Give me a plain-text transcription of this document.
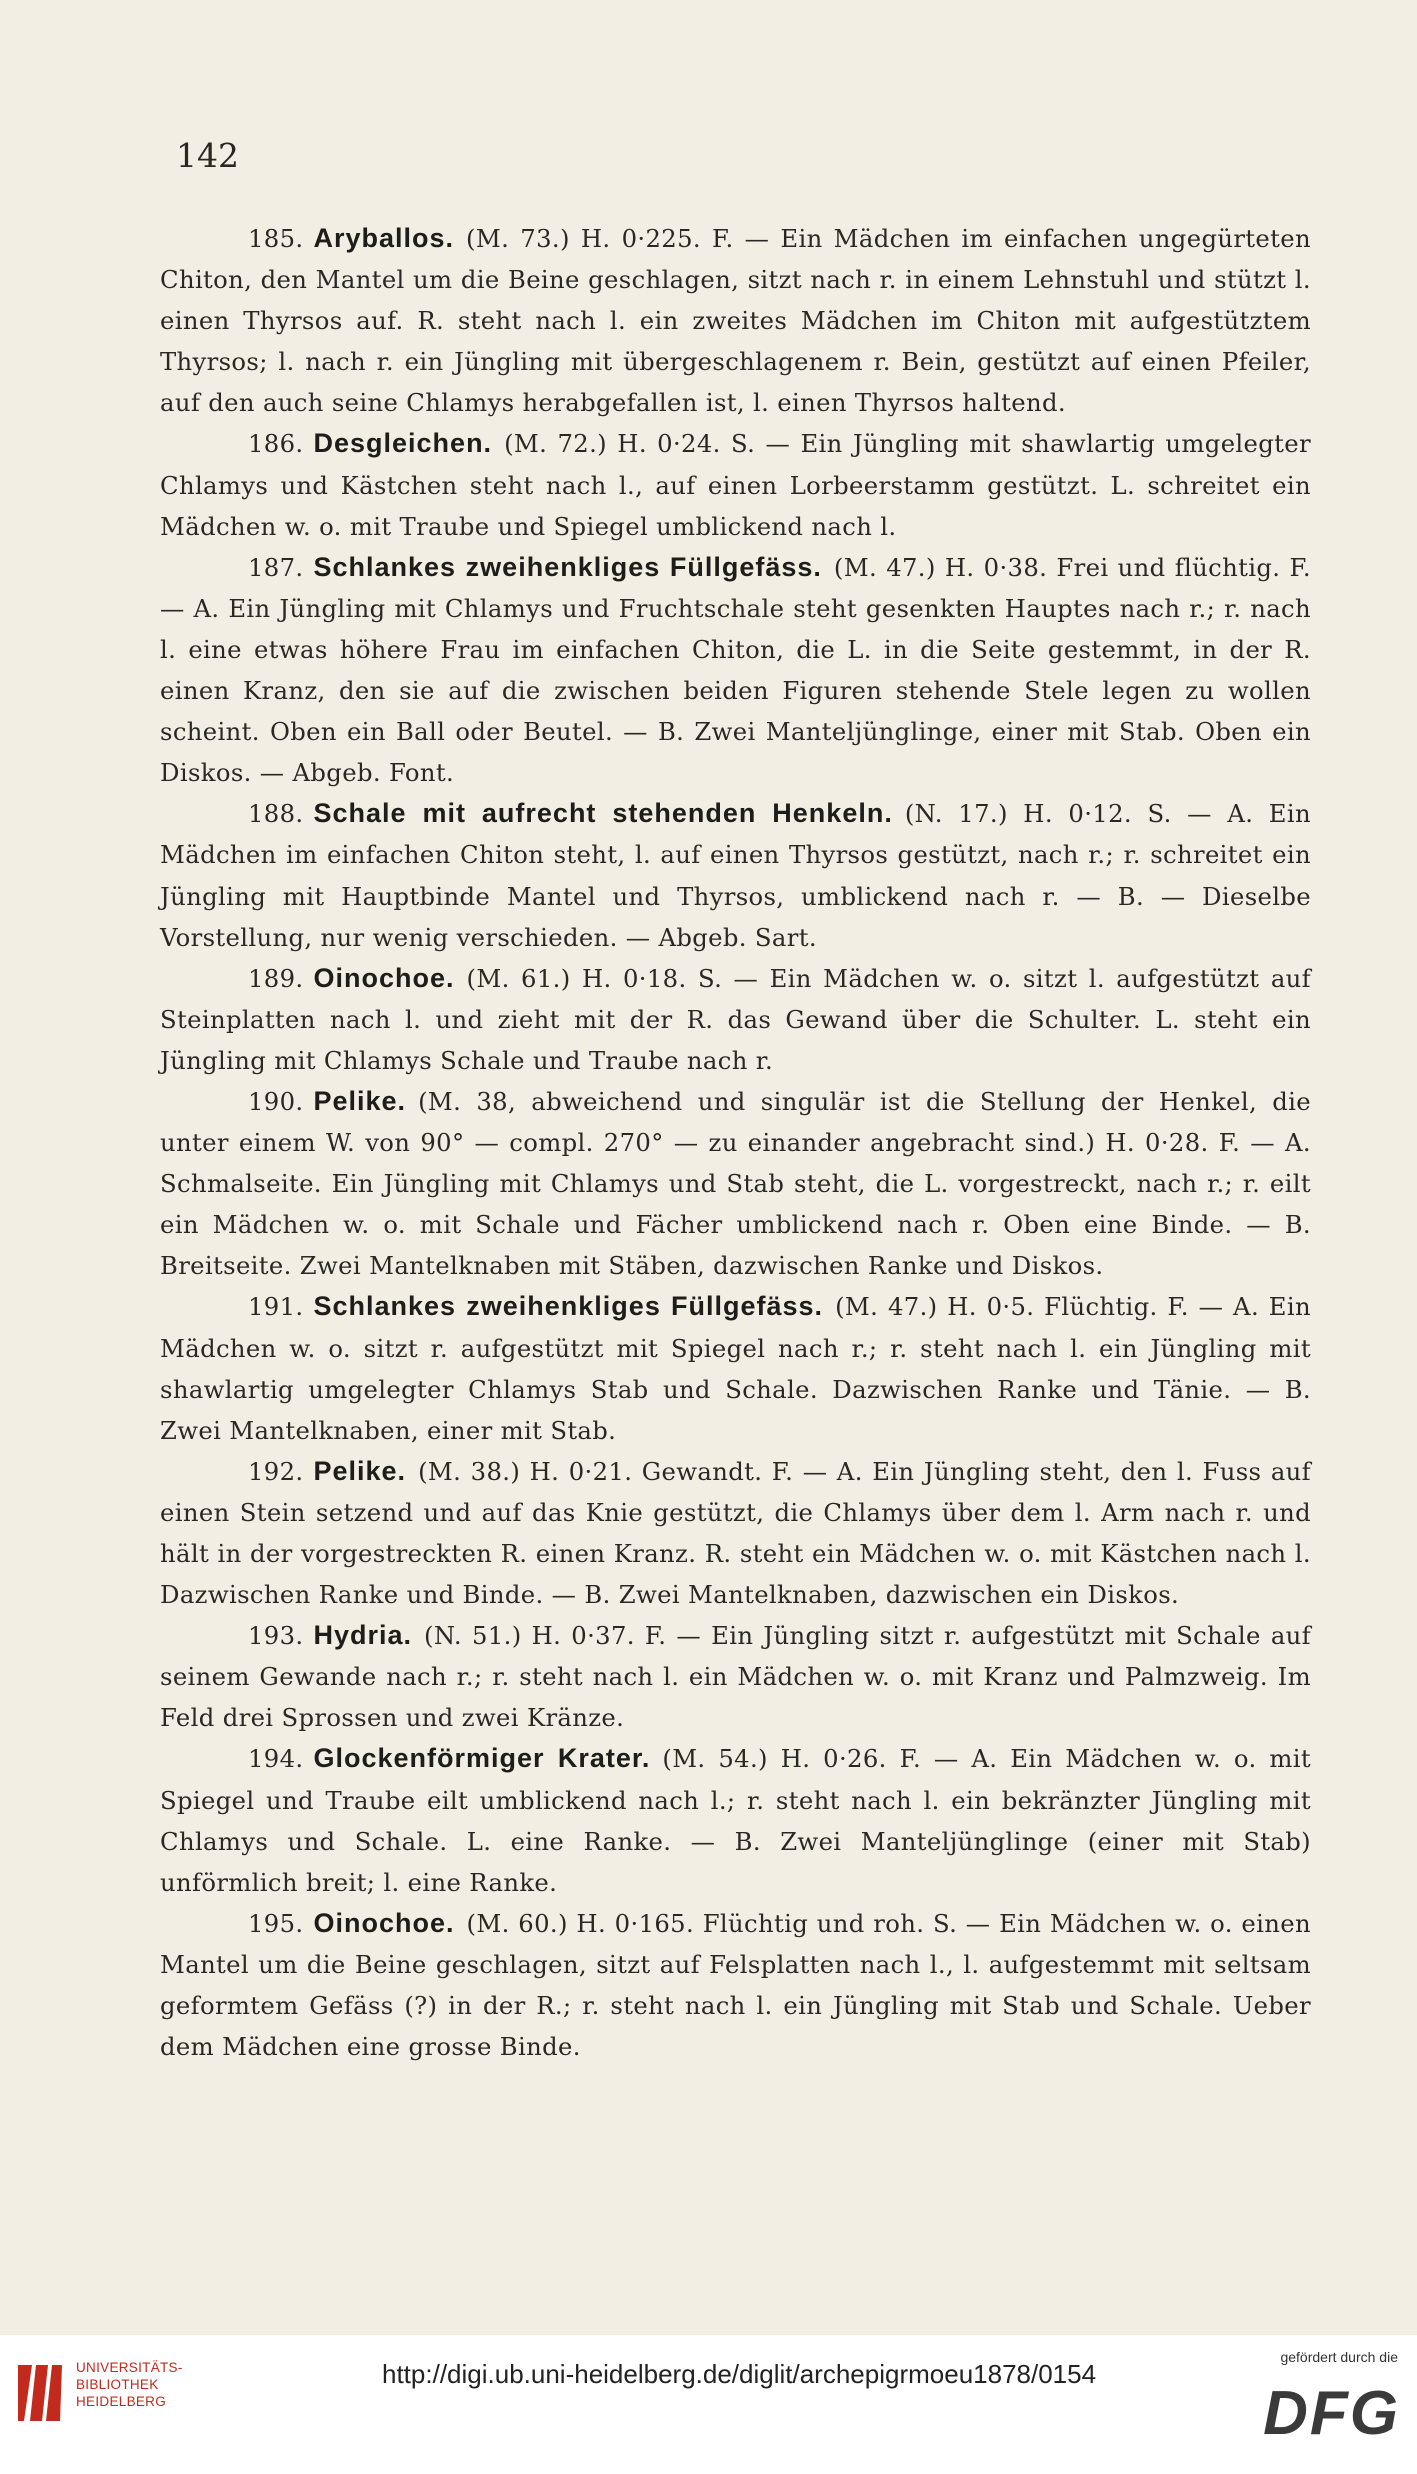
142

185. Aryballos. (M. 73.) H. 0·225. F. — Ein Mädchen im einfachen ungegürteten Chiton, den Mantel um die Beine geschlagen, sitzt nach r. in einem Lehnstuhl und stützt l. einen Thyrsos auf. R. steht nach l. ein zweites Mädchen im Chiton mit aufgestütztem Thyrsos; l. nach r. ein Jüngling mit übergeschlagenem r. Bein, gestützt auf einen Pfeiler, auf den auch seine Chlamys herabgefallen ist, l. einen Thyrsos haltend.

186. Desgleichen. (M. 72.) H. 0·24. S. — Ein Jüngling mit shawlartig umgelegter Chlamys und Kästchen steht nach l., auf einen Lorbeerstamm gestützt. L. schreitet ein Mädchen w. o. mit Traube und Spiegel umblickend nach l.

187. Schlankes zweihenkliges Füllgefäss. (M. 47.) H. 0·38. Frei und flüchtig. F. — A. Ein Jüngling mit Chlamys und Fruchtschale steht gesenkten Hauptes nach r.; r. nach l. eine etwas höhere Frau im einfachen Chiton, die L. in die Seite gestemmt, in der R. einen Kranz, den sie auf die zwischen beiden Figuren stehende Stele legen zu wollen scheint. Oben ein Ball oder Beutel. — B. Zwei Manteljünglinge, einer mit Stab. Oben ein Diskos. — Abgeb. Font.

188. Schale mit aufrecht stehenden Henkeln. (N. 17.) H. 0·12. S. — A. Ein Mädchen im einfachen Chiton steht, l. auf einen Thyrsos gestützt, nach r.; r. schreitet ein Jüngling mit Hauptbinde Mantel und Thyrsos, umblickend nach r. — B. — Dieselbe Vorstellung, nur wenig verschieden. — Abgeb. Sart.

189. Oinochoe. (M. 61.) H. 0·18. S. — Ein Mädchen w. o. sitzt l. aufgestützt auf Steinplatten nach l. und zieht mit der R. das Gewand über die Schulter. L. steht ein Jüngling mit Chlamys Schale und Traube nach r.

190. Pelike. (M. 38, abweichend und singulär ist die Stellung der Henkel, die unter einem W. von 90° — compl. 270° — zu einander angebracht sind.) H. 0·28. F. — A. Schmalseite. Ein Jüngling mit Chlamys und Stab steht, die L. vorgestreckt, nach r.; r. eilt ein Mädchen w. o. mit Schale und Fächer umblickend nach r. Oben eine Binde. — B. Breitseite. Zwei Mantelknaben mit Stäben, dazwischen Ranke und Diskos.

191. Schlankes zweihenkliges Füllgefäss. (M. 47.) H. 0·5. Flüchtig. F. — A. Ein Mädchen w. o. sitzt r. aufgestützt mit Spiegel nach r.; r. steht nach l. ein Jüngling mit shawlartig umgelegter Chlamys Stab und Schale. Dazwischen Ranke und Tänie. — B. Zwei Mantelknaben, einer mit Stab.

192. Pelike. (M. 38.) H. 0·21. Gewandt. F. — A. Ein Jüngling steht, den l. Fuss auf einen Stein setzend und auf das Knie gestützt, die Chlamys über dem l. Arm nach r. und hält in der vorgestreckten R. einen Kranz. R. steht ein Mädchen w. o. mit Kästchen nach l. Dazwischen Ranke und Binde. — B. Zwei Mantelknaben, dazwischen ein Diskos.

193. Hydria. (N. 51.) H. 0·37. F. — Ein Jüngling sitzt r. aufgestützt mit Schale auf seinem Gewande nach r.; r. steht nach l. ein Mädchen w. o. mit Kranz und Palmzweig. Im Feld drei Sprossen und zwei Kränze.

194. Glockenförmiger Krater. (M. 54.) H. 0·26. F. — A. Ein Mädchen w. o. mit Spiegel und Traube eilt umblickend nach l.; r. steht nach l. ein bekränzter Jüngling mit Chlamys und Schale. L. eine Ranke. — B. Zwei Manteljünglinge (einer mit Stab) unförmlich breit; l. eine Ranke.

195. Oinochoe. (M. 60.) H. 0·165. Flüchtig und roh. S. — Ein Mädchen w. o. einen Mantel um die Beine geschlagen, sitzt auf Felsplatten nach l., l. aufgestemmt mit seltsam geformtem Gefäss (?) in der R.; r. steht nach l. ein Jüngling mit Stab und Schale. Ueber dem Mädchen eine grosse Binde.

UNIVERSITÄTS-
BIBLIOTHEK
HEIDELBERG
http://digi.ub.uni-heidelberg.de/diglit/archepigrmoeu1878/0154
gefördert durch die
DFG
